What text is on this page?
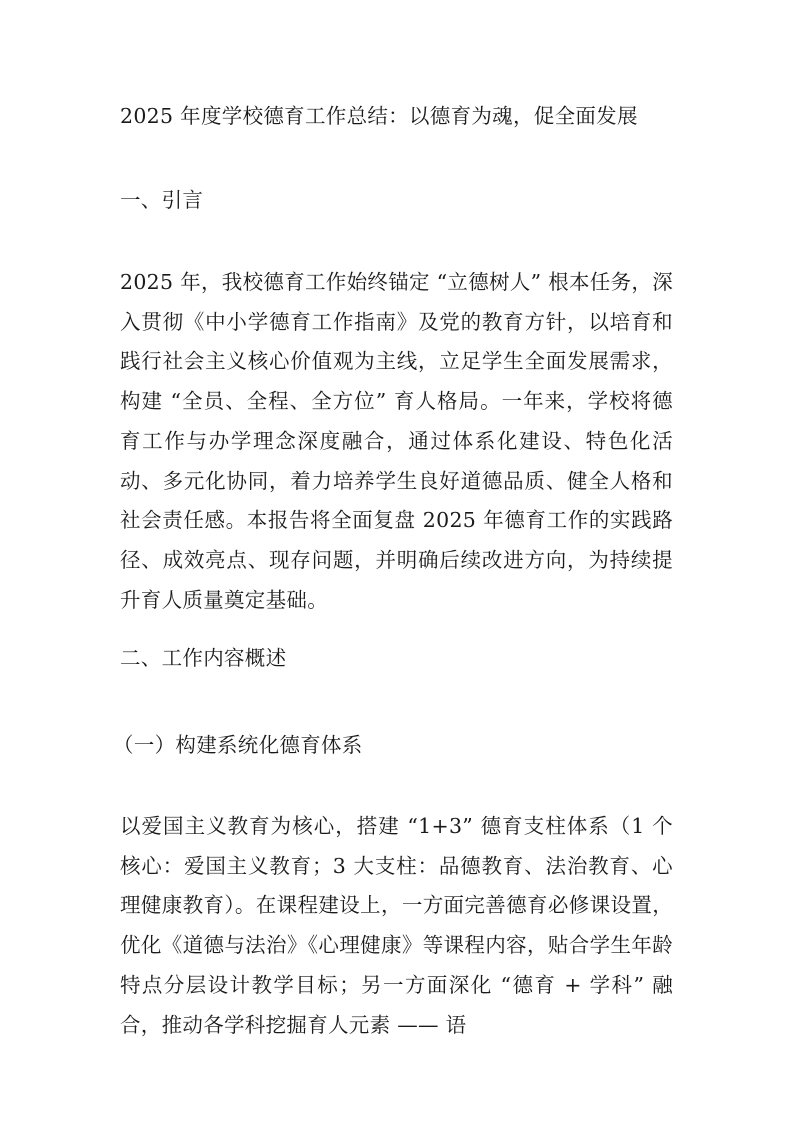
2025 年度学校德育工作总结：以德育为魂，促全面发展

一、引言

2025 年，我校德育工作始终锚定 “立德树人” 根本任务，深入贯彻《中小学德育工作指南》及党的教育方针，以培育和践行社会主义核心价值观为主线，立足学生全面发展需求，构建 “全员、全程、全方位” 育人格局。一年来，学校将德育工作与办学理念深度融合，通过体系化建设、特色化活动、多元化协同，着力培养学生良好道德品质、健全人格和社会责任感。本报告将全面复盘 2025 年德育工作的实践路径、成效亮点、现存问题，并明确后续改进方向，为持续提升育人质量奠定基础。

二、工作内容概述

（一）构建系统化德育体系

以爱国主义教育为核心，搭建 “1+3” 德育支柱体系（1 个核心：爱国主义教育；3 大支柱：品德教育、法治教育、心理健康教育）。在课程建设上，一方面完善德育必修课设置，优化《道德与法治》《心理健康》等课程内容，贴合学生年龄特点分层设计教学目标；另一方面深化 “德育 + 学科” 融合，推动各学科挖掘育人元素 —— 语
